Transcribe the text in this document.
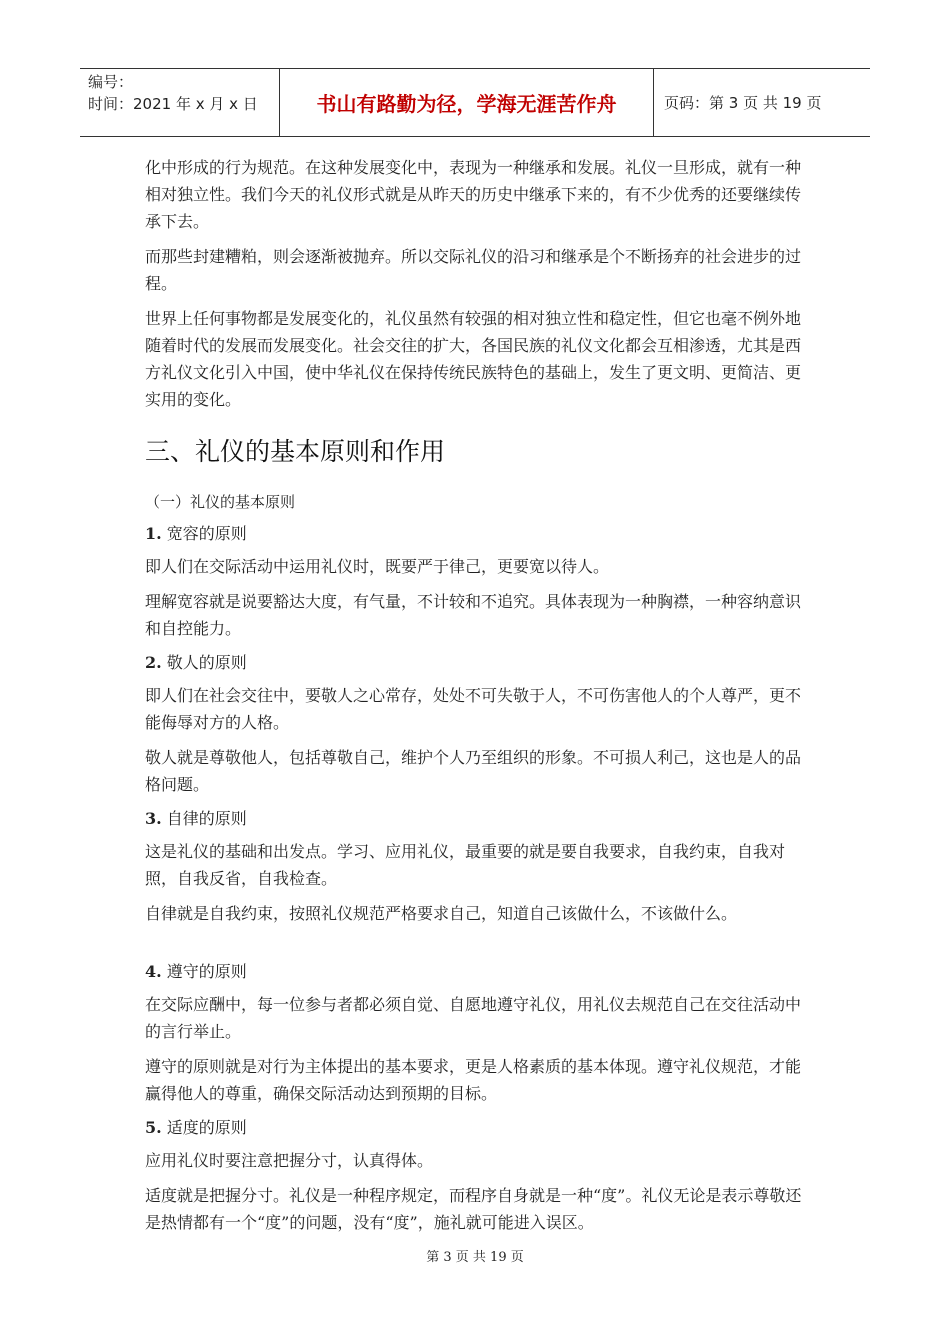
编号：
时间：2021 年 x 月 x 日	书山有路勤为径，学海无涯苦作舟	页码：第 3 页 共 19 页

化中形成的行为规范。在这种发展变化中，表现为一种继承和发展。礼仪一旦形成，就有一种相对独立性。我们今天的礼仪形式就是从昨天的历史中继承下来的，有不少优秀的还要继续传承下去。

而那些封建糟粕，则会逐渐被抛弃。所以交际礼仪的沿习和继承是个不断扬弃的社会进步的过程。

世界上任何事物都是发展变化的，礼仪虽然有较强的相对独立性和稳定性，但它也毫不例外地随着时代的发展而发展变化。社会交往的扩大，各国民族的礼仪文化都会互相渗透，尤其是西方礼仪文化引入中国，使中华礼仪在保持传统民族特色的基础上，发生了更文明、更简洁、更实用的变化。

三、礼仪的基本原则和作用
（一）礼仪的基本原则
1. 宽容的原则

即人们在交际活动中运用礼仪时，既要严于律己，更要宽以待人。

理解宽容就是说要豁达大度，有气量，不计较和不追究。具体表现为一种胸襟，一种容纳意识和自控能力。

2. 敬人的原则

即人们在社会交往中，要敬人之心常存，处处不可失敬于人，不可伤害他人的个人尊严，更不能侮辱对方的人格。

敬人就是尊敬他人，包括尊敬自己，维护个人乃至组织的形象。不可损人利己，这也是人的品格问题。

3. 自律的原则

这是礼仪的基础和出发点。学习、应用礼仪，最重要的就是要自我要求，自我约束，自我对照，自我反省，自我检查。

自律就是自我约束，按照礼仪规范严格要求自己，知道自己该做什么，不该做什么。

4. 遵守的原则

在交际应酬中，每一位参与者都必须自觉、自愿地遵守礼仪，用礼仪去规范自己在交往活动中的言行举止。

遵守的原则就是对行为主体提出的基本要求，更是人格素质的基本体现。遵守礼仪规范，才能赢得他人的尊重，确保交际活动达到预期的目标。

5. 适度的原则

应用礼仪时要注意把握分寸，认真得体。

适度就是把握分寸。礼仪是一种程序规定，而程序自身就是一种“度”。礼仪无论是表示尊敬还是热情都有一个“度”的问题，没有“度”，施礼就可能进入误区。

第 3 页 共 19 页
